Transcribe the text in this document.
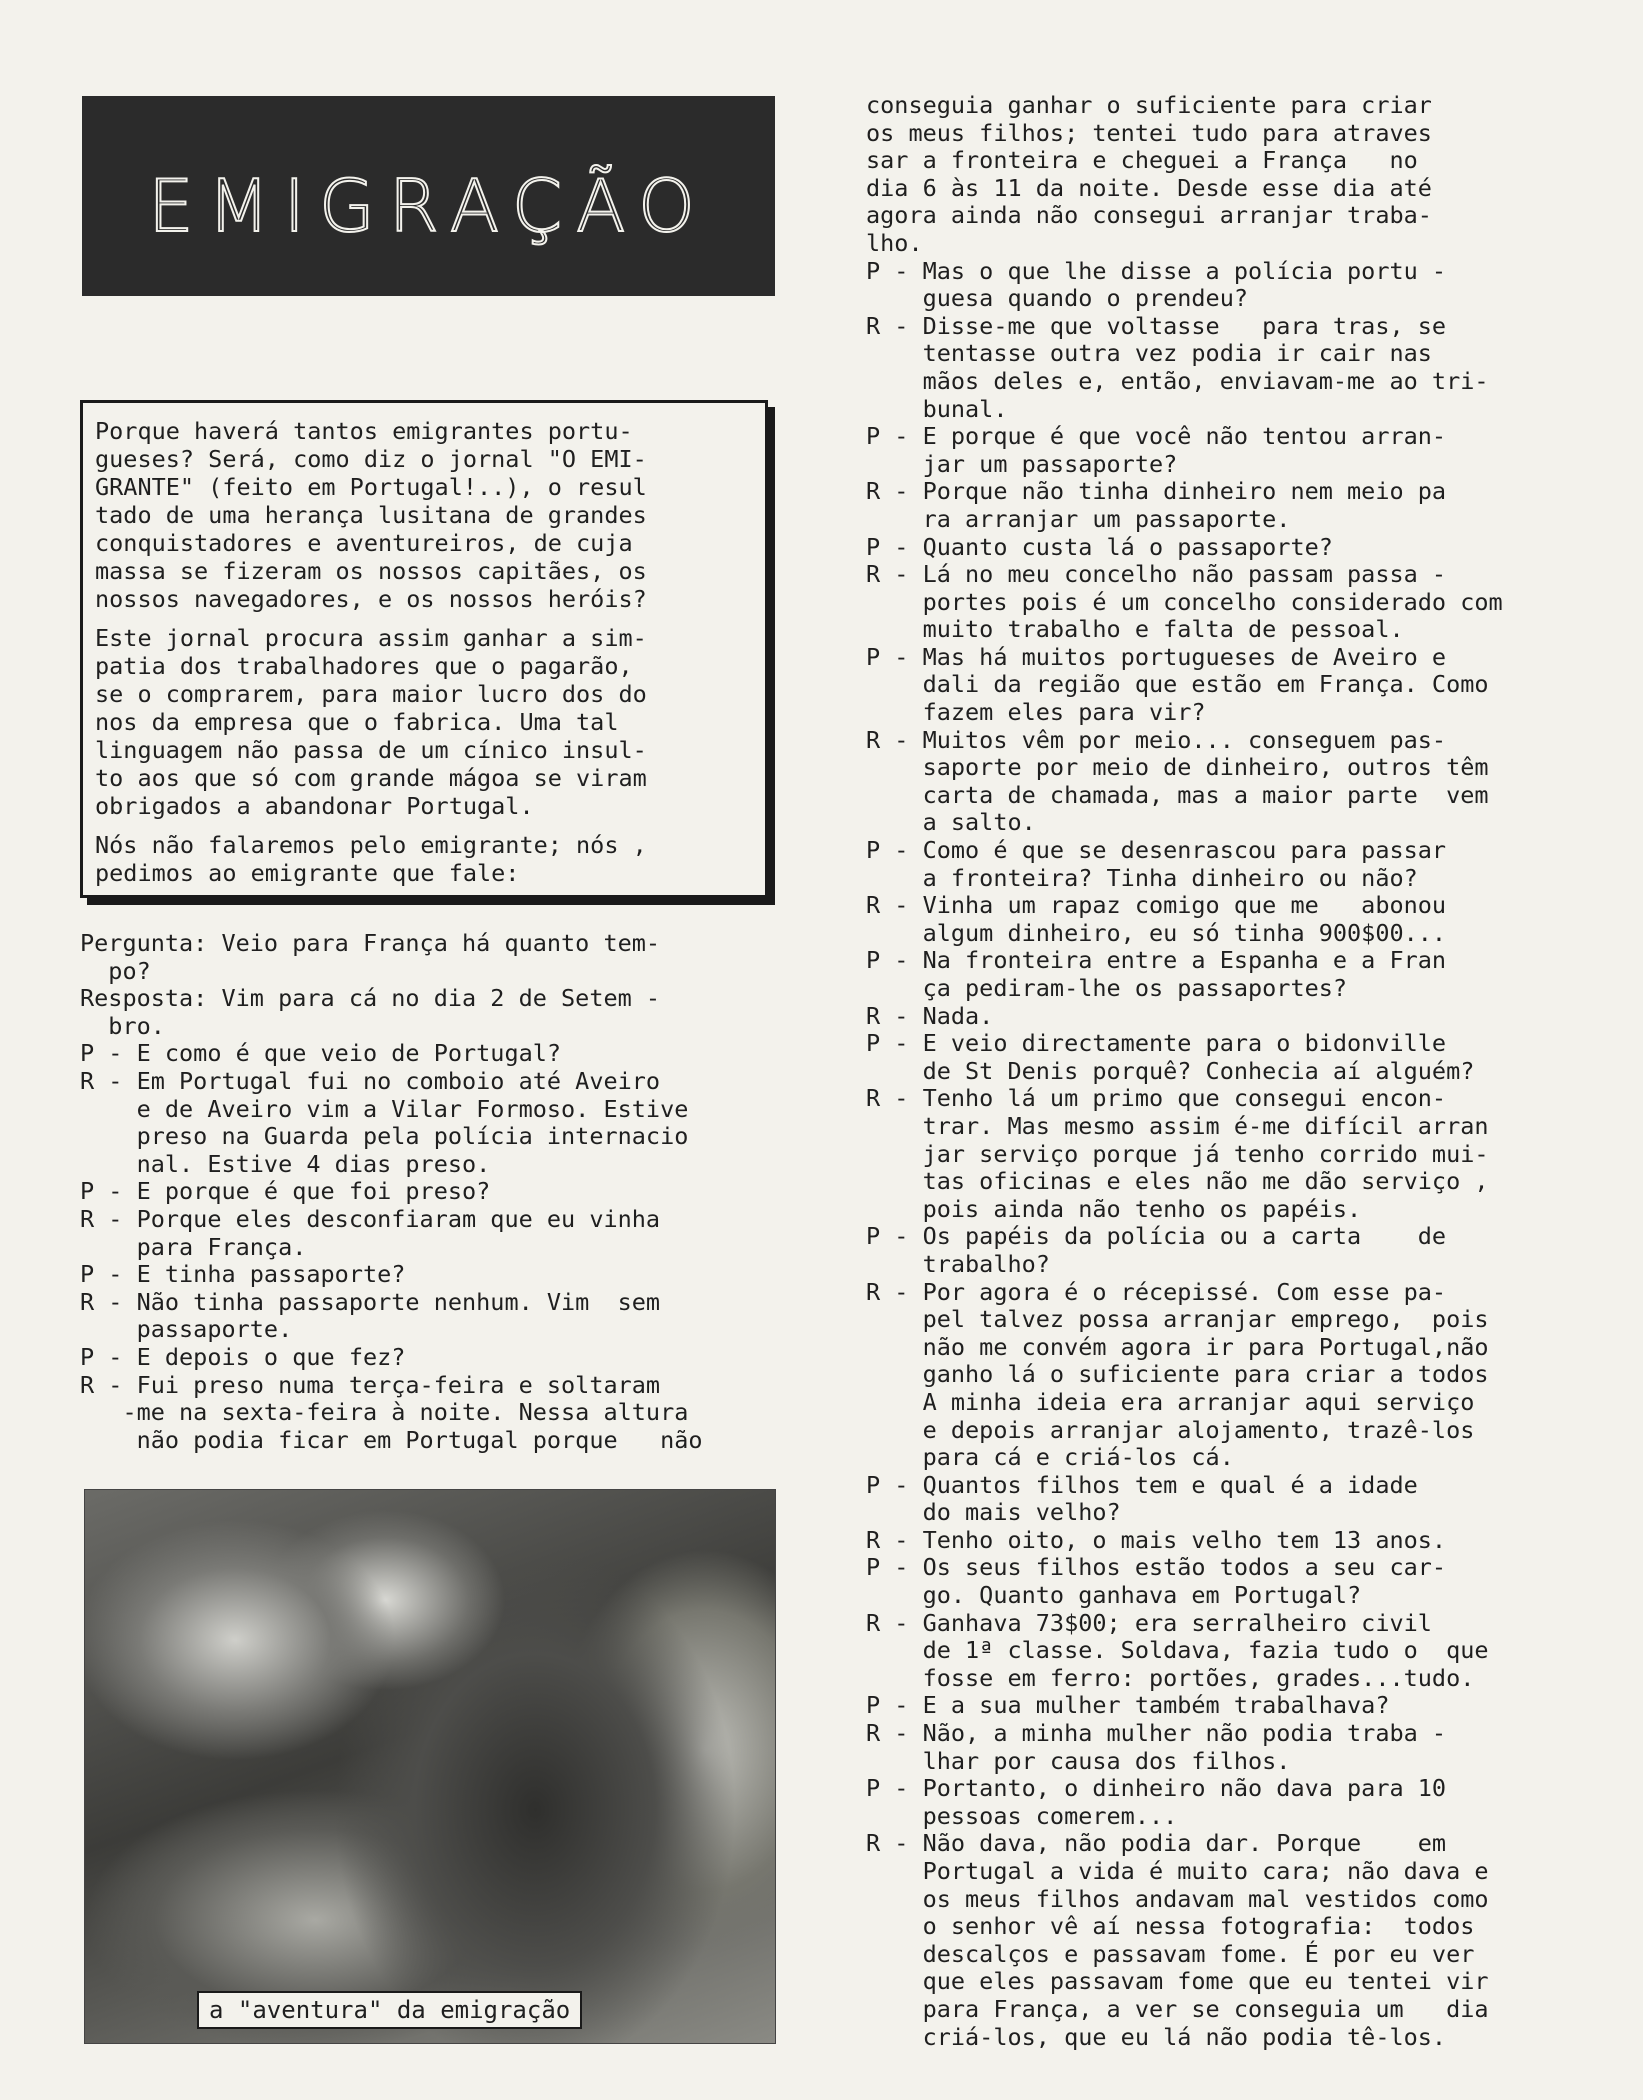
EMIGRAÇÃO

Porque haverá tantos emigrantes portu-
gueses? Será, como diz o jornal "O EMI-
GRANTE" (feito em Portugal!..), o resul
tado de uma herança lusitana de grandes
conquistadores e aventureiros, de cuja
massa se fizeram os nossos capitães, os
nossos navegadores, e os nossos heróis?

Este jornal procura assim ganhar a sim-
patia dos trabalhadores que o pagarão,
se o comprarem, para maior lucro dos do
nos da empresa que o fabrica. Uma tal
linguagem não passa de um cínico insul-
to aos que só com grande mágoa se viram
obrigados a abandonar Portugal.

Nós não falaremos pelo emigrante; nós ,
pedimos ao emigrante que fale:

Pergunta: Veio para França há quanto tem-
po?
Resposta: Vim para cá no dia 2 de Setem -
bro.
P - E como é que veio de Portugal?
R - Em Portugal fui no comboio até Aveiro
e de Aveiro vim a Vilar Formoso. Estive
preso na Guarda pela polícia internacio
nal. Estive 4 dias preso.
P - E porque é que foi preso?
R - Porque eles desconfiaram que eu vinha
para França.
P - E tinha passaporte?
R - Não tinha passaporte nenhum. Vim  sem
passaporte.
P - E depois o que fez?
R - Fui preso numa terça-feira e soltaram
-me na sexta-feira à noite. Nessa altura
não podia ficar em Portugal porque   não
a "aventura" da emigração
conseguia ganhar o suficiente para criar
os meus filhos; tentei tudo para atraves
sar a fronteira e cheguei a França   no
dia 6 às 11 da noite. Desde esse dia até
agora ainda não consegui arranjar traba-
lho.
P - Mas o que lhe disse a polícia portu -
guesa quando o prendeu?
R - Disse-me que voltasse   para tras, se
tentasse outra vez podia ir cair nas
mãos deles e, então, enviavam-me ao tri-
bunal.
P - E porque é que você não tentou arran-
jar um passaporte?
R - Porque não tinha dinheiro nem meio pa
ra arranjar um passaporte.
P - Quanto custa lá o passaporte?
R - Lá no meu concelho não passam passa -
portes pois é um concelho considerado com
muito trabalho e falta de pessoal.
P - Mas há muitos portugueses de Aveiro e
dali da região que estão em França. Como
fazem eles para vir?
R - Muitos vêm por meio... conseguem pas-
saporte por meio de dinheiro, outros têm
carta de chamada, mas a maior parte  vem
a salto.
P - Como é que se desenrascou para passar
a fronteira? Tinha dinheiro ou não?
R - Vinha um rapaz comigo que me   abonou
algum dinheiro, eu só tinha 900$00...
P - Na fronteira entre a Espanha e a Fran
ça pediram-lhe os passaportes?
R - Nada.
P - E veio directamente para o bidonville
de St Denis porquê? Conhecia aí alguém?
R - Tenho lá um primo que consegui encon-
trar. Mas mesmo assim é-me difícil arran
jar serviço porque já tenho corrido mui-
tas oficinas e eles não me dão serviço ,
pois ainda não tenho os papéis.
P - Os papéis da polícia ou a carta    de
trabalho?
R - Por agora é o récepissé. Com esse pa-
pel talvez possa arranjar emprego,  pois
não me convém agora ir para Portugal,não
ganho lá o suficiente para criar a todos
A minha ideia era arranjar aqui serviço
e depois arranjar alojamento, trazê-los
para cá e criá-los cá.
P - Quantos filhos tem e qual é a idade
do mais velho?
R - Tenho oito, o mais velho tem 13 anos.
P - Os seus filhos estão todos a seu car-
go. Quanto ganhava em Portugal?
R - Ganhava 73$00; era serralheiro civil
de 1ª classe. Soldava, fazia tudo o  que
fosse em ferro: portões, grades...tudo.
P - E a sua mulher também trabalhava?
R - Não, a minha mulher não podia traba -
lhar por causa dos filhos.
P - Portanto, o dinheiro não dava para 10
pessoas comerem...
R - Não dava, não podia dar. Porque    em
Portugal a vida é muito cara; não dava e
os meus filhos andavam mal vestidos como
o senhor vê aí nessa fotografia:  todos
descalços e passavam fome. É por eu ver
que eles passavam fome que eu tentei vir
para França, a ver se conseguia um   dia
criá-los, que eu lá não podia tê-los.
